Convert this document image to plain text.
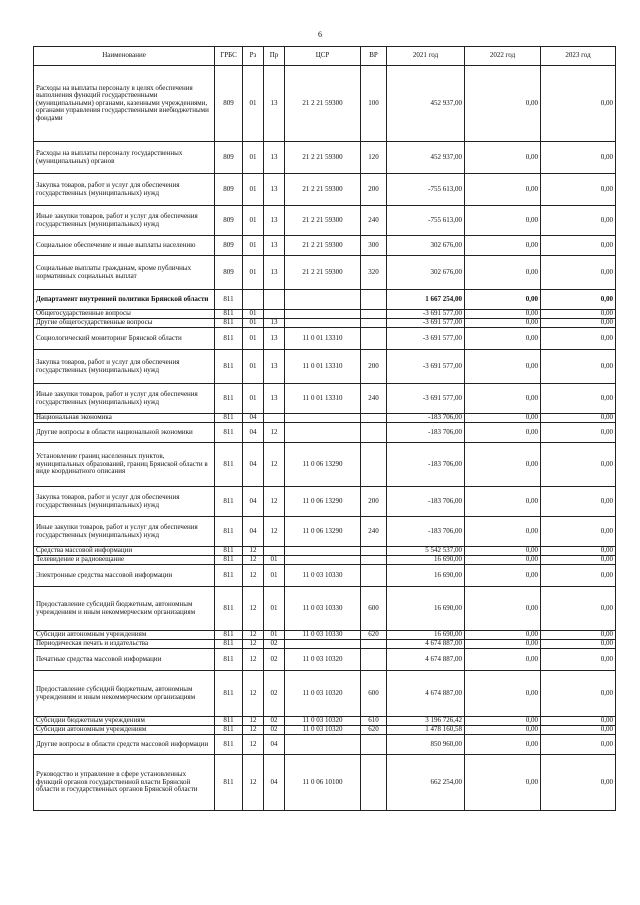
6
Наименование	ГРБС	Рз	Пр	ЦСР	ВР	2021 год	2022 год	2023 год
Расходы на выплаты персоналу в целях обеспечения выполнения функций государственными (муниципальными) органами, казенными учреждениями, органами управления государственными внебюджетными фондами	809	01	13	21 2 21 59300	100	452 937,00	0,00	0,00
Расходы на выплаты персоналу государственных (муниципальных) органов	809	01	13	21 2 21 59300	120	452 937,00	0,00	0,00
Закупка товаров, работ и услуг для обеспечения государственных (муниципальных) нужд	809	01	13	21 2 21 59300	200	-755 613,00	0,00	0,00
Иные закупки товаров, работ и услуг для обеспечения государственных (муниципальных) нужд	809	01	13	21 2 21 59300	240	-755 613,00	0,00	0,00
Социальное обеспечение и иные выплаты населению	809	01	13	21 2 21 59300	300	302 676,00	0,00	0,00
Социальные выплаты гражданам, кроме публичных нормативных социальных выплат	809	01	13	21 2 21 59300	320	302 676,00	0,00	0,00
Департамент внутренней политики Брянской области	811					1 667 254,00	0,00	0,00
Общегосударственные вопросы	811	01				-3 691 577,00	0,00	0,00
Другие общегосударственные вопросы	811	01	13			-3 691 577,00	0,00	0,00
Социологический мониторинг Брянской области	811	01	13	11 0 01 13310		-3 691 577,00	0,00	0,00
Закупка товаров, работ и услуг для обеспечения государственных (муниципальных) нужд	811	01	13	11 0 01 13310	200	-3 691 577,00	0,00	0,00
Иные закупки товаров, работ и услуг для обеспечения государственных (муниципальных) нужд	811	01	13	11 0 01 13310	240	-3 691 577,00	0,00	0,00
Национальная экономика	811	04				-183 706,00	0,00	0,00
Другие вопросы в области национальной экономики	811	04	12			-183 706,00	0,00	0,00
Установление границ населенных пунктов, муниципальных образований, границ Брянской области в виде координатного описания	811	04	12	11 0 06 13290		-183 706,00	0,00	0,00
Закупка товаров, работ и услуг для обеспечения государственных (муниципальных) нужд	811	04	12	11 0 06 13290	200	-183 706,00	0,00	0,00
Иные закупки товаров, работ и услуг для обеспечения государственных (муниципальных) нужд	811	04	12	11 0 06 13290	240	-183 706,00	0,00	0,00
Средства массовой информации	811	12				5 542 537,00	0,00	0,00
Телевидение и радиовещание	811	12	01			16 690,00	0,00	0,00
Электронные средства массовой информации	811	12	01	11 0 03 10330		16 690,00	0,00	0,00
Предоставление субсидий бюджетным, автономным учреждениям и иным некоммерческим организациям	811	12	01	11 0 03 10330	600	16 690,00	0,00	0,00
Субсидии автономным учреждениям	811	12	01	11 0 03 10330	620	16 690,00	0,00	0,00
Периодическая печать и издательства	811	12	02			4 674 887,00	0,00	0,00
Печатные средства массовой информации	811	12	02	11 0 03 10320		4 674 887,00	0,00	0,00
Предоставление субсидий бюджетным, автономным учреждениям и иным некоммерческим организациям	811	12	02	11 0 03 10320	600	4 674 887,00	0,00	0,00
Субсидии бюджетным учреждениям	811	12	02	11 0 03 10320	610	3 196 726,42	0,00	0,00
Субсидии автономным учреждениям	811	12	02	11 0 03 10320	620	1 478 160,58	0,00	0,00
Другие вопросы в области средств массовой информации	811	12	04			850 960,00	0,00	0,00
Руководство и управление в сфере установленных функций органов государственной власти Брянской области и государственных органов Брянской области	811	12	04	11 0 06 10100		662 254,00	0,00	0,00
